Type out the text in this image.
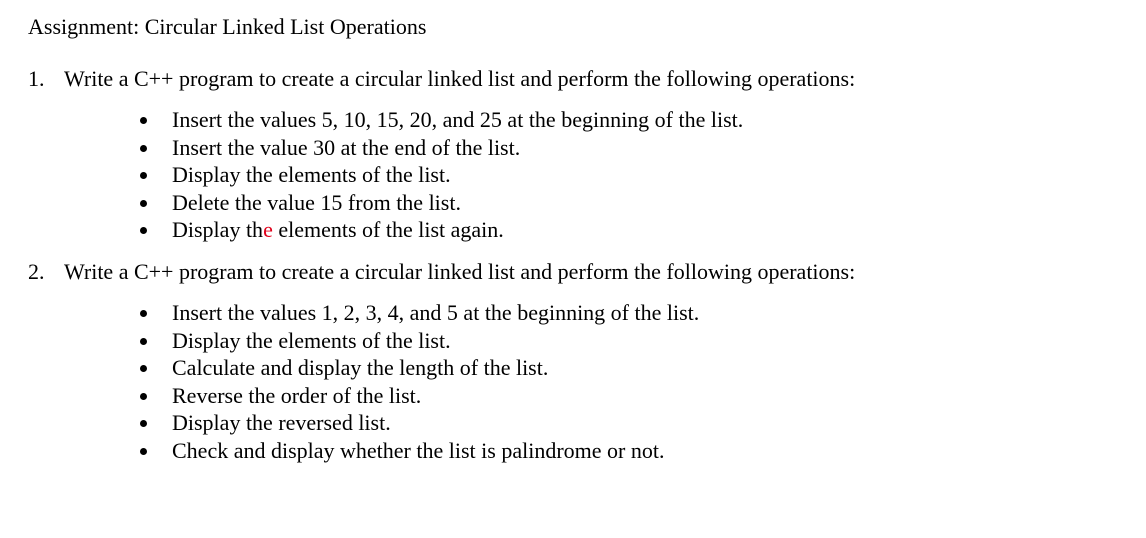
Assignment: Circular Linked List Operations
1. Write a C++ program to create a circular linked list and perform the following operations:
Insert the values 5, 10, 15, 20, and 25 at the beginning of the list.
Insert the value 30 at the end of the list.
Display the elements of the list.
Delete the value 15 from the list.
Display the elements of the list again.
2. Write a C++ program to create a circular linked list and perform the following operations:
Insert the values 1, 2, 3, 4, and 5 at the beginning of the list.
Display the elements of the list.
Calculate and display the length of the list.
Reverse the order of the list.
Display the reversed list.
Check and display whether the list is palindrome or not.
